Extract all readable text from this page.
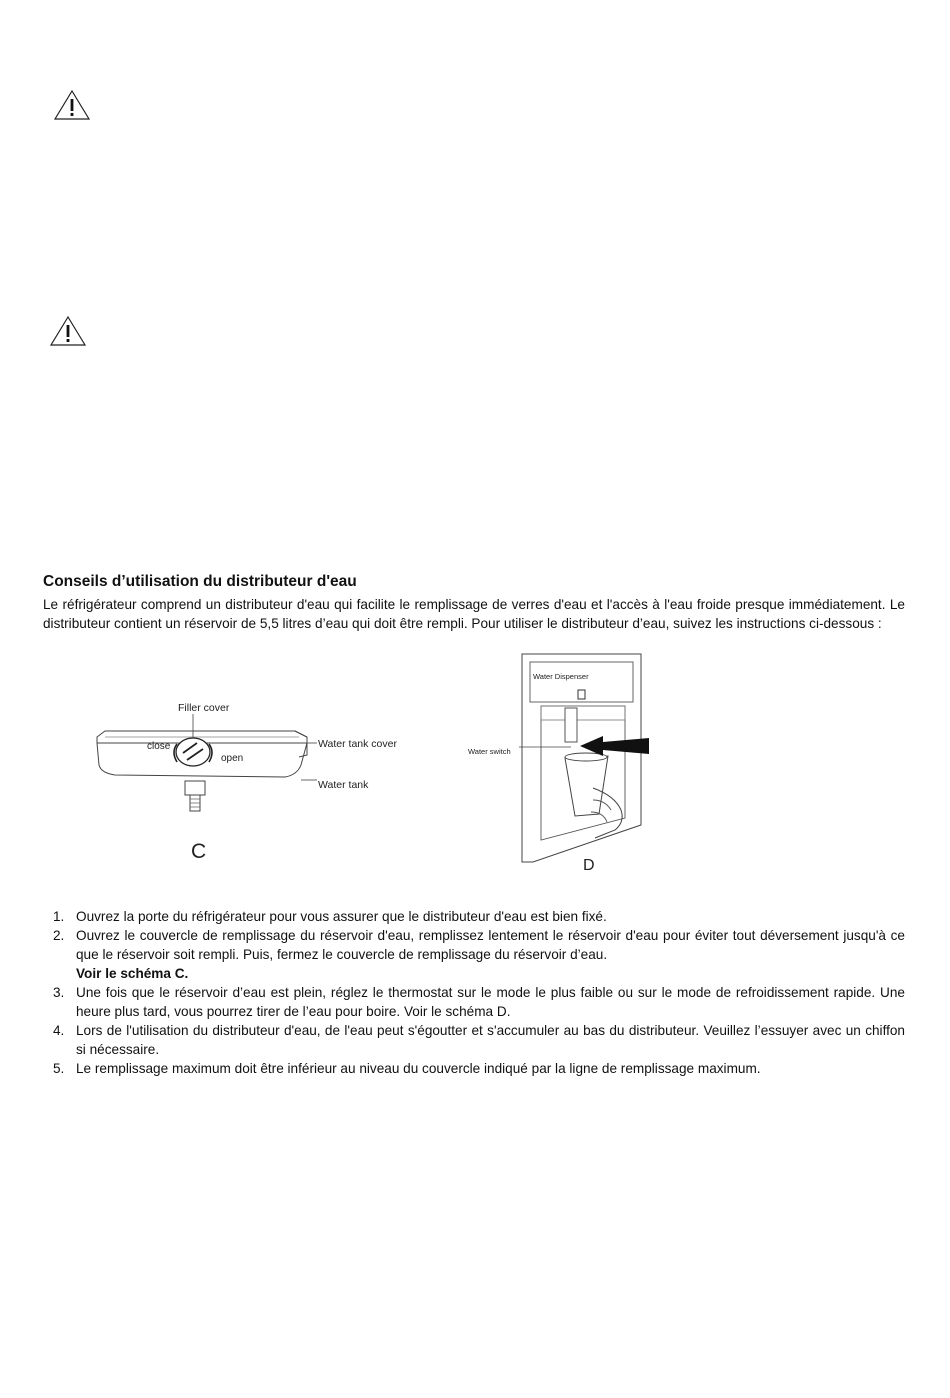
Conseils d’utilisation du distributeur d'eau

Le réfrigérateur comprend un distributeur d'eau qui facilite le remplissage de verres d'eau et l'accès à l'eau froide presque immédiatement. Le distributeur contient un réservoir de 5,5 litres d’eau qui doit être rempli. Pour utiliser le distributeur d’eau, suivez les instructions ci-dessous :

Filler cover
close
open
Water tank cover
Water tank
C
Water Dispenser
Water switch
D
1. Ouvrez la porte du réfrigérateur pour vous assurer que le distributeur d'eau est bien fixé.
2. Ouvrez le couvercle de remplissage du réservoir d'eau, remplissez lentement le réservoir d'eau pour éviter tout déversement jusqu'à ce que le réservoir soit rempli. Puis, fermez le couvercle de remplissage du réservoir d’eau.
Voir le schéma C.
3. Une fois que le réservoir d’eau est plein, réglez le thermostat sur le mode le plus faible ou sur le mode de refroidissement rapide. Une heure plus tard, vous pourrez tirer de l’eau pour boire. Voir le schéma D.
4. Lors de l'utilisation du distributeur d'eau, de l'eau peut s'égoutter et s'accumuler au bas du distributeur. Veuillez l’essuyer avec un chiffon si nécessaire.
5. Le remplissage maximum doit être inférieur au niveau du couvercle indiqué par la ligne de remplissage maximum.
